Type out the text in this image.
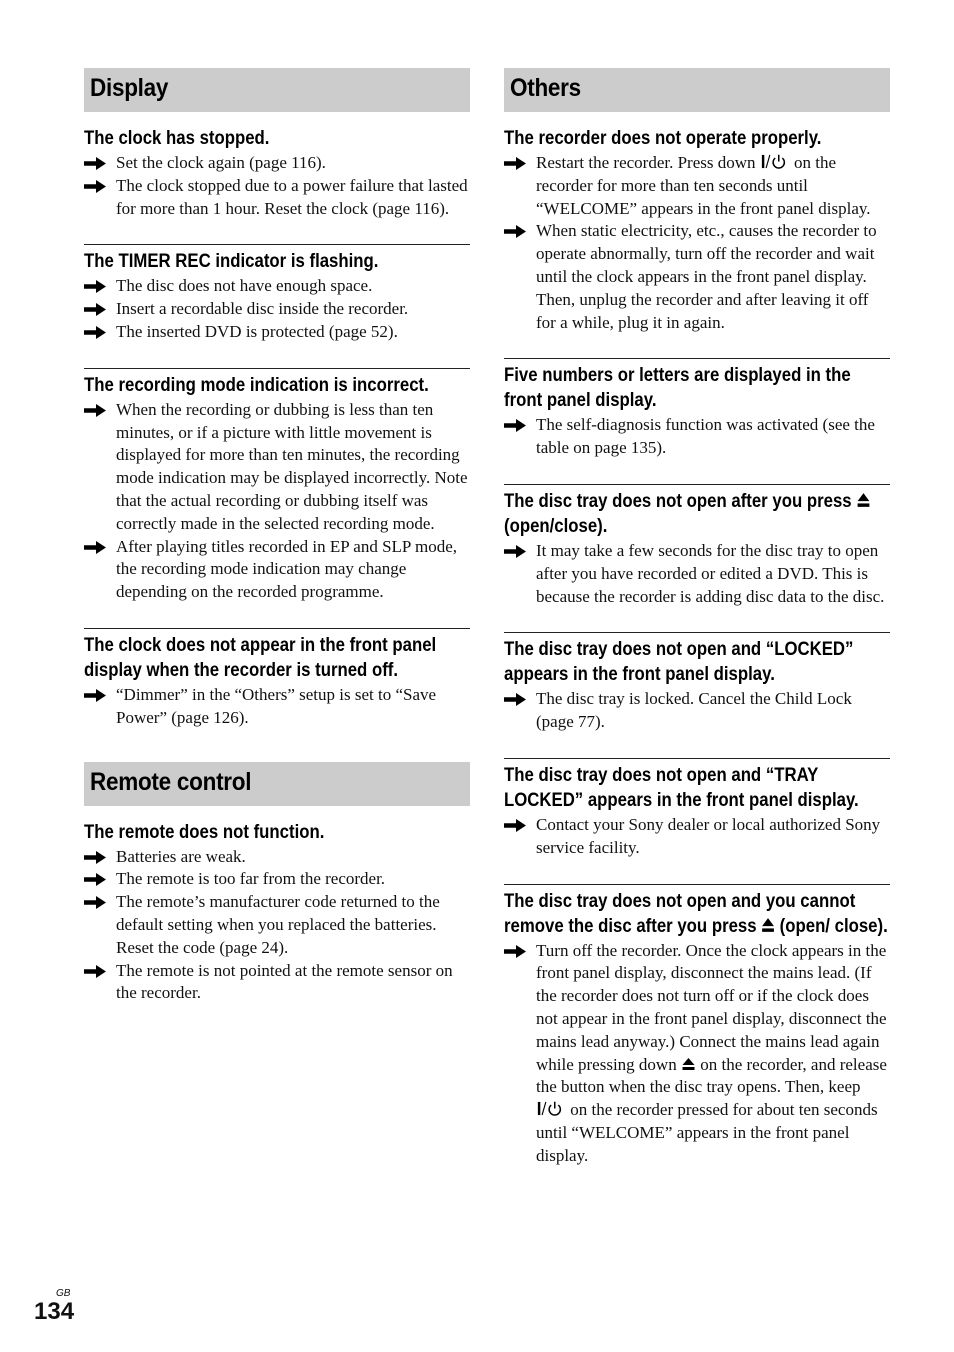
Display
The clock has stopped.
Set the clock again (page 116).
The clock stopped due to a power failure that lasted for more than 1 hour. Reset the clock (page 116).
The TIMER REC indicator is flashing.
The disc does not have enough space.
Insert a recordable disc inside the recorder.
The inserted DVD is protected (page 52).
The recording mode indication is incorrect.
When the recording or dubbing is less than ten minutes, or if a picture with little movement is displayed for more than ten minutes, the recording mode indication may be displayed incorrectly. Note that the actual recording or dubbing itself was correctly made in the selected recording mode.
After playing titles recorded in EP and SLP mode, the recording mode indication may change depending on the recorded programme.
The clock does not appear in the front panel display when the recorder is turned off.
“Dimmer” in the “Others” setup is set to “Save Power” (page 126).
Remote control
The remote does not function.
Batteries are weak.
The remote is too far from the recorder.
The remote’s manufacturer code returned to the default setting when you replaced the batteries. Reset the code (page 24).
The remote is not pointed at the remote sensor on the recorder.
Others
The recorder does not operate properly.
Restart the recorder. Press down  on the recorder for more than ten seconds until “WELCOME” appears in the front panel display.
When static electricity, etc., causes the recorder to operate abnormally, turn off the recorder and wait until the clock appears in the front panel display. Then, unplug the recorder and after leaving it off for a while, plug it in again.
Five numbers or letters are displayed in the front panel display.
The self-diagnosis function was activated (see the table on page 135).
The disc tray does not open after you press  (open/close).
It may take a few seconds for the disc tray to open after you have recorded or edited a DVD. This is because the recorder is adding disc data to the disc.
The disc tray does not open and “LOCKED” appears in the front panel display.
The disc tray is locked. Cancel the Child Lock (page 77).
The disc tray does not open and “TRAY LOCKED” appears in the front panel display.
Contact your Sony dealer or local authorized Sony service facility.
The disc tray does not open and you cannot remove the disc after you press  (open/ close).
Turn off the recorder. Once the clock appears in the front panel display, disconnect the mains lead. (If the recorder does not turn off or if the clock does not appear in the front panel display, disconnect the mains lead anyway.) Connect the mains lead again while pressing down  on the recorder, and release the button when the disc tray opens. Then, keep  on the recorder pressed for about ten seconds until “WELCOME” appears in the front panel display.
GB
134
